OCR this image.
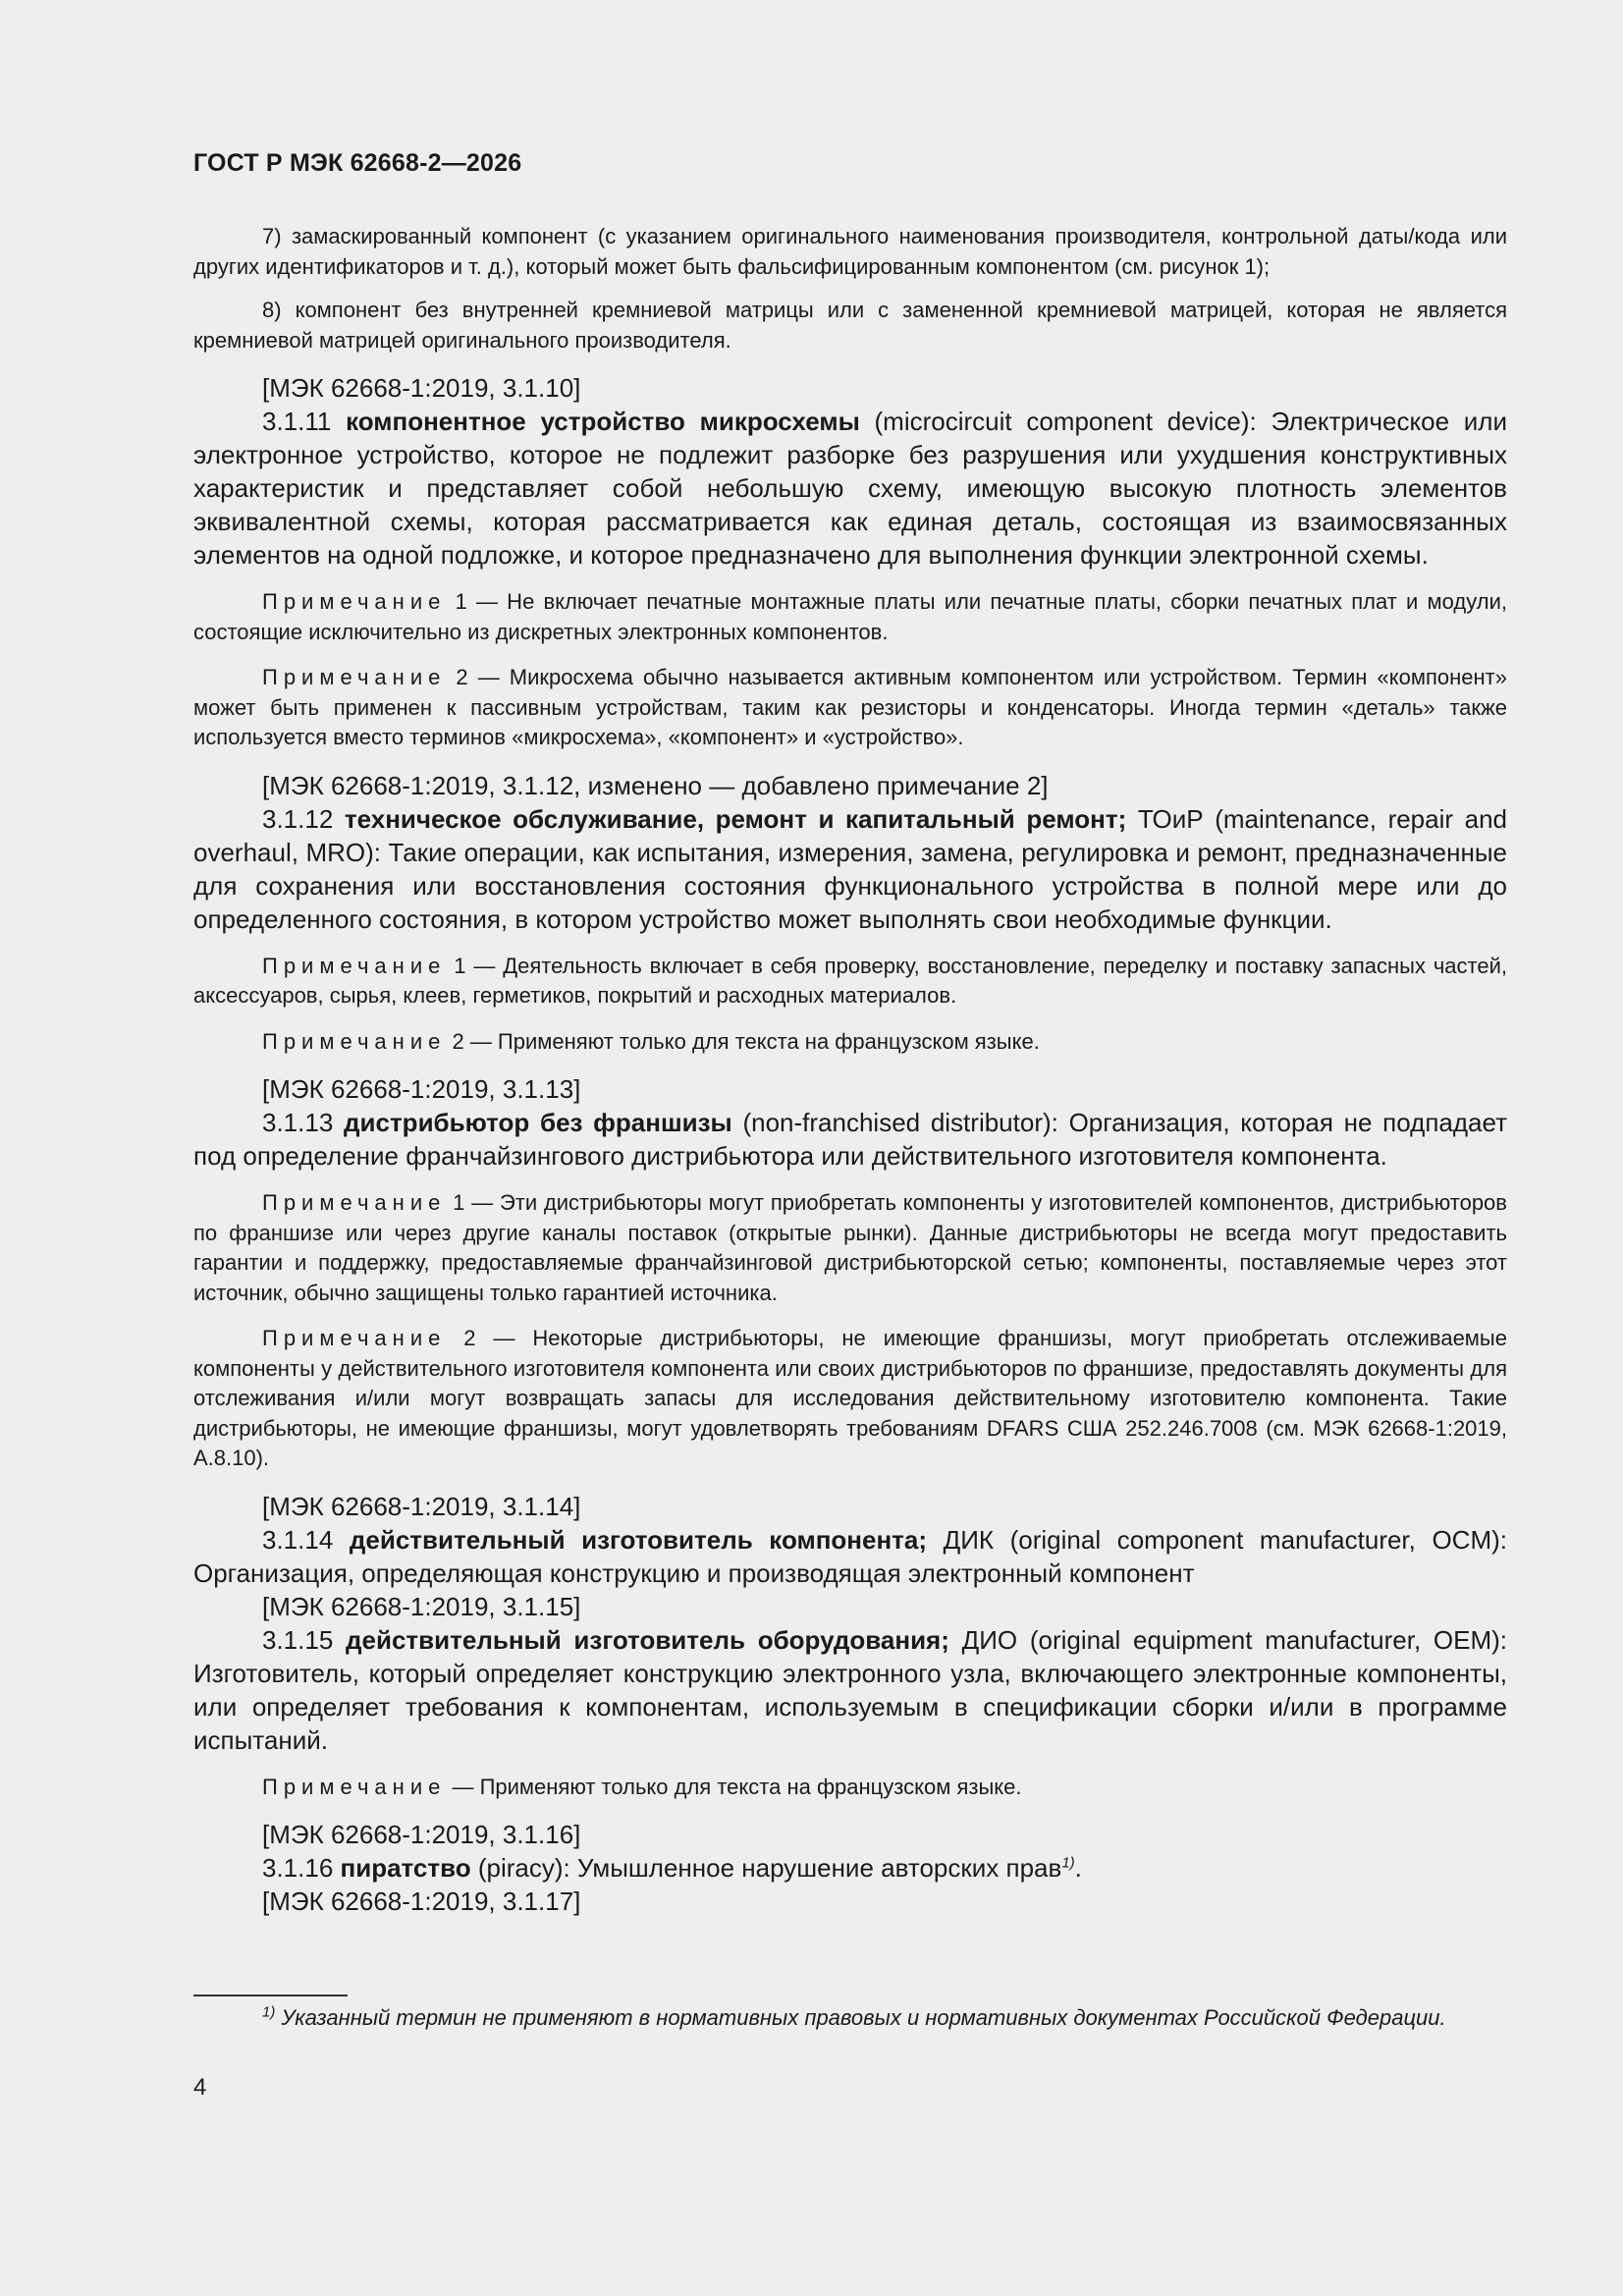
ГОСТ Р МЭК 62668-2—2026

7) замаскированный компонент (с указанием оригинального наименования производителя, контрольной даты/кода или других идентификаторов и т. д.), который может быть фальсифицированным компонентом (см. рисунок 1);

8) компонент без внутренней кремниевой матрицы или с замененной кремниевой матрицей, которая не является кремниевой матрицей оригинального производителя.

[МЭК 62668-1:2019, 3.1.10]

3.1.11 компонентное устройство микросхемы (microcircuit component device): Электрическое или электронное устройство, которое не подлежит разборке без разрушения или ухудшения конструктивных характеристик и представляет собой небольшую схему, имеющую высокую плотность элементов эквивалентной схемы, которая рассматривается как единая деталь, состоящая из взаимосвязанных элементов на одной подложке, и которое предназначено для выполнения функции электронной схемы.

Примечание 1 — Не включает печатные монтажные платы или печатные платы, сборки печатных плат и модули, состоящие исключительно из дискретных электронных компонентов.

Примечание 2 — Микросхема обычно называется активным компонентом или устройством. Термин «компонент» может быть применен к пассивным устройствам, таким как резисторы и конденсаторы. Иногда термин «деталь» также используется вместо терминов «микросхема», «компонент» и «устройство».

[МЭК 62668-1:2019, 3.1.12, изменено — добавлено примечание 2]

3.1.12 техническое обслуживание, ремонт и капитальный ремонт; ТОиР (maintenance, repair and overhaul, MRO): Такие операции, как испытания, измерения, замена, регулировка и ремонт, предназначенные для сохранения или восстановления состояния функционального устройства в полной мере или до определенного состояния, в котором устройство может выполнять свои необходимые функции.

Примечание 1 — Деятельность включает в себя проверку, восстановление, переделку и поставку запасных частей, аксессуаров, сырья, клеев, герметиков, покрытий и расходных материалов.

Примечание 2 — Применяют только для текста на французском языке.

[МЭК 62668-1:2019, 3.1.13]

3.1.13 дистрибьютор без франшизы (non-franchised distributor): Организация, которая не подпадает под определение франчайзингового дистрибьютора или действительного изготовителя компонента.

Примечание 1 — Эти дистрибьюторы могут приобретать компоненты у изготовителей компонентов, дистрибьюторов по франшизе или через другие каналы поставок (открытые рынки). Данные дистрибьюторы не всегда могут предоставить гарантии и поддержку, предоставляемые франчайзинговой дистрибьюторской сетью; компоненты, поставляемые через этот источник, обычно защищены только гарантией источника.

Примечание 2 — Некоторые дистрибьюторы, не имеющие франшизы, могут приобретать отслеживаемые компоненты у действительного изготовителя компонента или своих дистрибьюторов по франшизе, предоставлять документы для отслеживания и/или могут возвращать запасы для исследования действительному изготовителю компонента. Такие дистрибьюторы, не имеющие франшизы, могут удовлетворять требованиям DFARS США 252.246.7008 (см. МЭК 62668-1:2019, А.8.10).

[МЭК 62668-1:2019, 3.1.14]

3.1.14 действительный изготовитель компонента; ДИК (original component manufacturer, OCM): Организация, определяющая конструкцию и производящая электронный компонент

[МЭК 62668-1:2019, 3.1.15]

3.1.15 действительный изготовитель оборудования; ДИО (original equipment manufacturer, OEM): Изготовитель, который определяет конструкцию электронного узла, включающего электронные компоненты, или определяет требования к компонентам, используемым в спецификации сборки и/или в программе испытаний.

Примечание — Применяют только для текста на французском языке.

[МЭК 62668-1:2019, 3.1.16]

3.1.16 пиратство (piracy): Умышленное нарушение авторских прав$^{1)}$.

[МЭК 62668-1:2019, 3.1.17]

$^{1)}$ Указанный термин не применяют в нормативных правовых и нормативных документах Российской Федерации.

4
